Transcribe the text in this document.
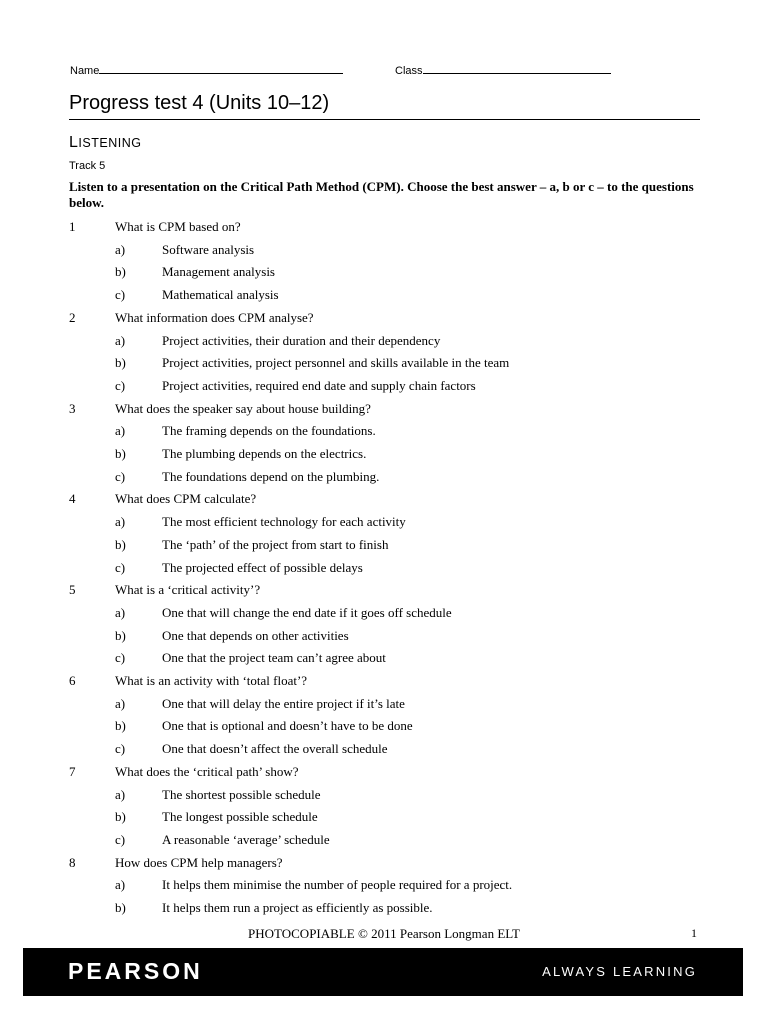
Name	Class
Progress test 4 (Units 10–12)
LISTENING
Track 5
Listen to a presentation on the Critical Path Method (CPM). Choose the best answer – a, b or c – to the questions below.
1	What is CPM based on?
a)	Software analysis
b)	Management analysis
c)	Mathematical analysis
2	What information does CPM analyse?
a)	Project activities, their duration and their dependency
b)	Project activities, project personnel and skills available in the team
c)	Project activities, required end date and supply chain factors
3	What does the speaker say about house building?
a)	The framing depends on the foundations.
b)	The plumbing depends on the electrics.
c)	The foundations depend on the plumbing.
4	What does CPM calculate?
a)	The most efficient technology for each activity
b)	The ‘path’ of the project from start to finish
c)	The projected effect of possible delays
5	What is a ‘critical activity’?
a)	One that will change the end date if it goes off schedule
b)	One that depends on other activities
c)	One that the project team can’t agree about
6	What is an activity with ‘total float’?
a)	One that will delay the entire project if it’s late
b)	One that is optional and doesn’t have to be done
c)	One that doesn’t affect the overall schedule
7	What does the ‘critical path’ show?
a)	The shortest possible schedule
b)	The longest possible schedule
c)	A reasonable ‘average’ schedule
8	How does CPM help managers?
a)	It helps them minimise the number of people required for a project.
b)	It helps them run a project as efficiently as possible.
PHOTOCOPIABLE © 2011 Pearson Longman ELT	1
PEARSON	ALWAYS LEARNING
